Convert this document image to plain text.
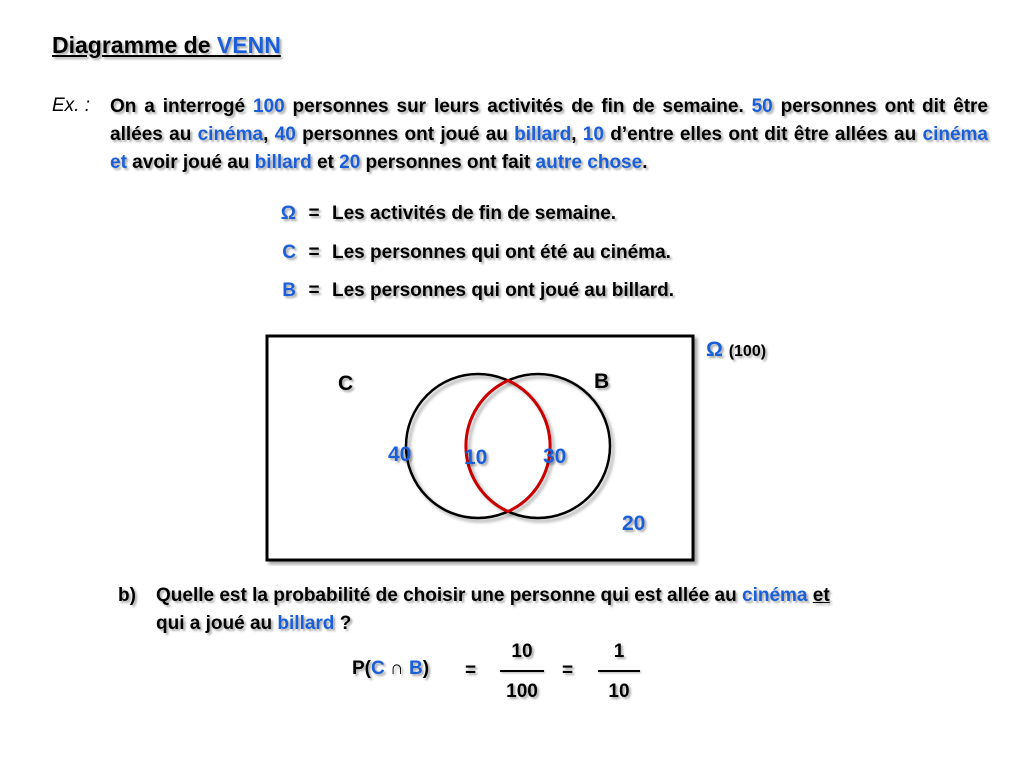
Diagramme de VENN
Ex. : On a interrogé 100 personnes sur leurs activités de fin de semaine. 50 personnes ont dit être allées au cinéma, 40 personnes ont joué au billard, 10 d’entre elles ont dit être allées au cinéma et avoir joué au billard et 20 personnes ont fait autre chose.
Ω = Les activités de fin de semaine.
C = Les personnes qui ont été au cinéma.
B = Les personnes qui ont joué au billard.
Ω (100)
C	B
40	10	30
20
b) Quelle est la probabilité de choisir une personne qui est allée au cinéma et
qui a joué au billard ?
P(C ∩ B) =
10
100
=
1
10
